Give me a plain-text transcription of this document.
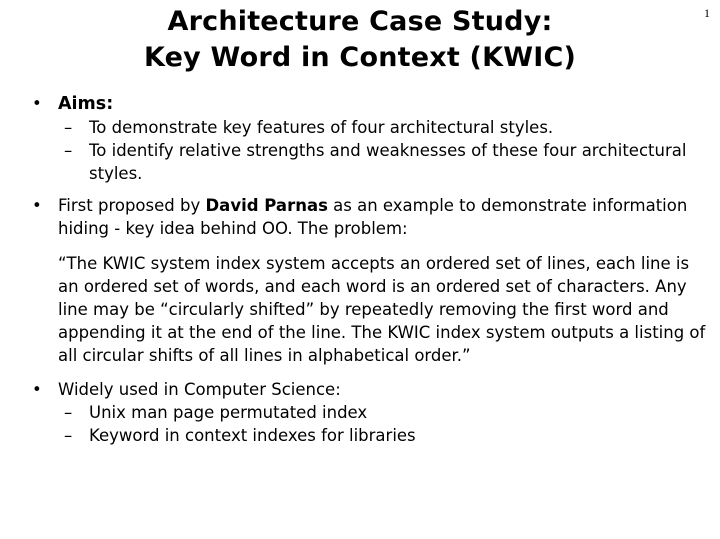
1
Architecture Case Study:
Key Word in Context (KWIC)
• Aims:
– To demonstrate key features of four architectural styles.
– To identify relative strengths and weaknesses of these four architectural styles.
• First proposed by David Parnas as an example to demonstrate information hiding - key idea behind OO. The problem:
“The KWIC system index system accepts an ordered set of lines, each line is an ordered set of words, and each word is an ordered set of characters. Any line may be “circularly shifted” by repeatedly removing the first word and appending it at the end of the line. The KWIC index system outputs a listing of all circular shifts of all lines in alphabetical order.”
• Widely used in Computer Science:
– Unix man page permutated index
– Keyword in context indexes for libraries
